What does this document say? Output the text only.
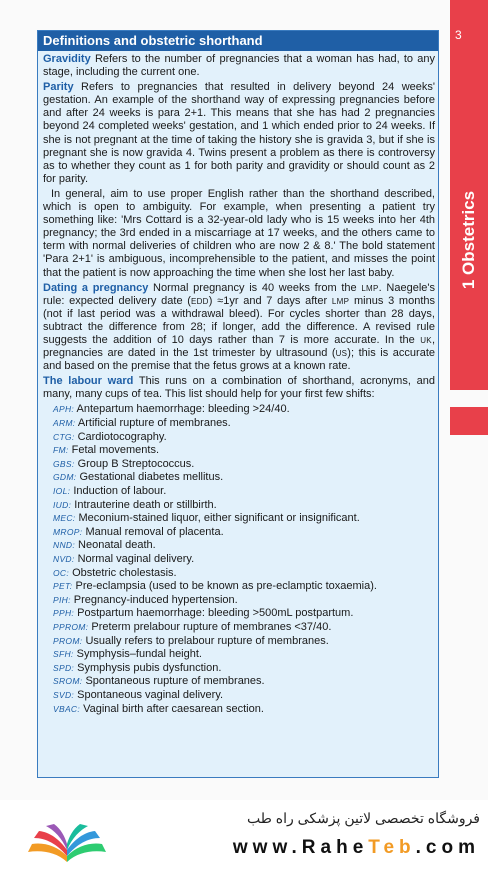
3
1 Obstetrics
Definitions and obstetric shorthand

Gravidity Refers to the number of pregnancies that a woman has had, to any stage, including the current one.

Parity Refers to pregnancies that resulted in delivery beyond 24 weeks' gestation. An example of the shorthand way of expressing pregnancies before and after 24 weeks is para 2+1. This means that she has had 2 pregnancies beyond 24 completed weeks' gestation, and 1 which ended prior to 24 weeks. If she is not pregnant at the time of taking the history she is gravida 3, but if she is pregnant she is now gravida 4. Twins present a problem as there is controversy as to whether they count as 1 for both parity and gravidity or should count as 2 for parity.

In general, aim to use proper English rather than the shorthand described, which is open to ambiguity. For example, when presenting a patient try something like: 'Mrs Cottard is a 32-year-old lady who is 15 weeks into her 4th pregnancy; the 3rd ended in a miscarriage at 17 weeks, and the others came to term with normal deliveries of children who are now 2 & 8.' The bold statement 'Para 2+1' is ambiguous, incomprehensible to the patient, and misses the point that the patient is now approaching the time when she lost her last baby.

Dating a pregnancy Normal pregnancy is 40 weeks from the LMP. Naegele's rule: expected delivery date (EDD) ≈1yr and 7 days after LMP minus 3 months (not if last period was a withdrawal bleed). For cycles shorter than 28 days, subtract the difference from 28; if longer, add the difference. A revised rule suggests the addition of 10 days rather than 7 is more accurate. In the UK, pregnancies are dated in the 1st trimester by ultrasound (US); this is accurate and based on the premise that the fetus grows at a known rate.

The labour ward This runs on a combination of shorthand, acronyms, and many, many cups of tea. This list should help for your first few shifts:

APH: Antepartum haemorrhage: bleeding >24/40.
ARM: Artificial rupture of membranes.
CTG: Cardiotocography.
FM: Fetal movements.
GBS: Group B Streptococcus.
GDM: Gestational diabetes mellitus.
IOL: Induction of labour.
IUD: Intrauterine death or stillbirth.
MEC: Meconium-stained liquor, either significant or insignificant.
MROP: Manual removal of placenta.
NND: Neonatal death.
NVD: Normal vaginal delivery.
OC: Obstetric cholestasis.
PET: Pre-eclampsia (used to be known as pre-eclamptic toxaemia).
PIH: Pregnancy-induced hypertension.
PPH: Postpartum haemorrhage: bleeding >500mL postpartum.
PPROM: Preterm prelabour rupture of membranes <37/40.
PROM: Usually refers to prelabour rupture of membranes.
SFH: Symphysis–fundal height.
SPD: Symphysis pubis dysfunction.
SROM: Spontaneous rupture of membranes.
SVD: Spontaneous vaginal delivery.
VBAC: Vaginal birth after caesarean section.
فروشگاه تخصصی لاتین پزشکی راه طب
www.RaheTeb.com
